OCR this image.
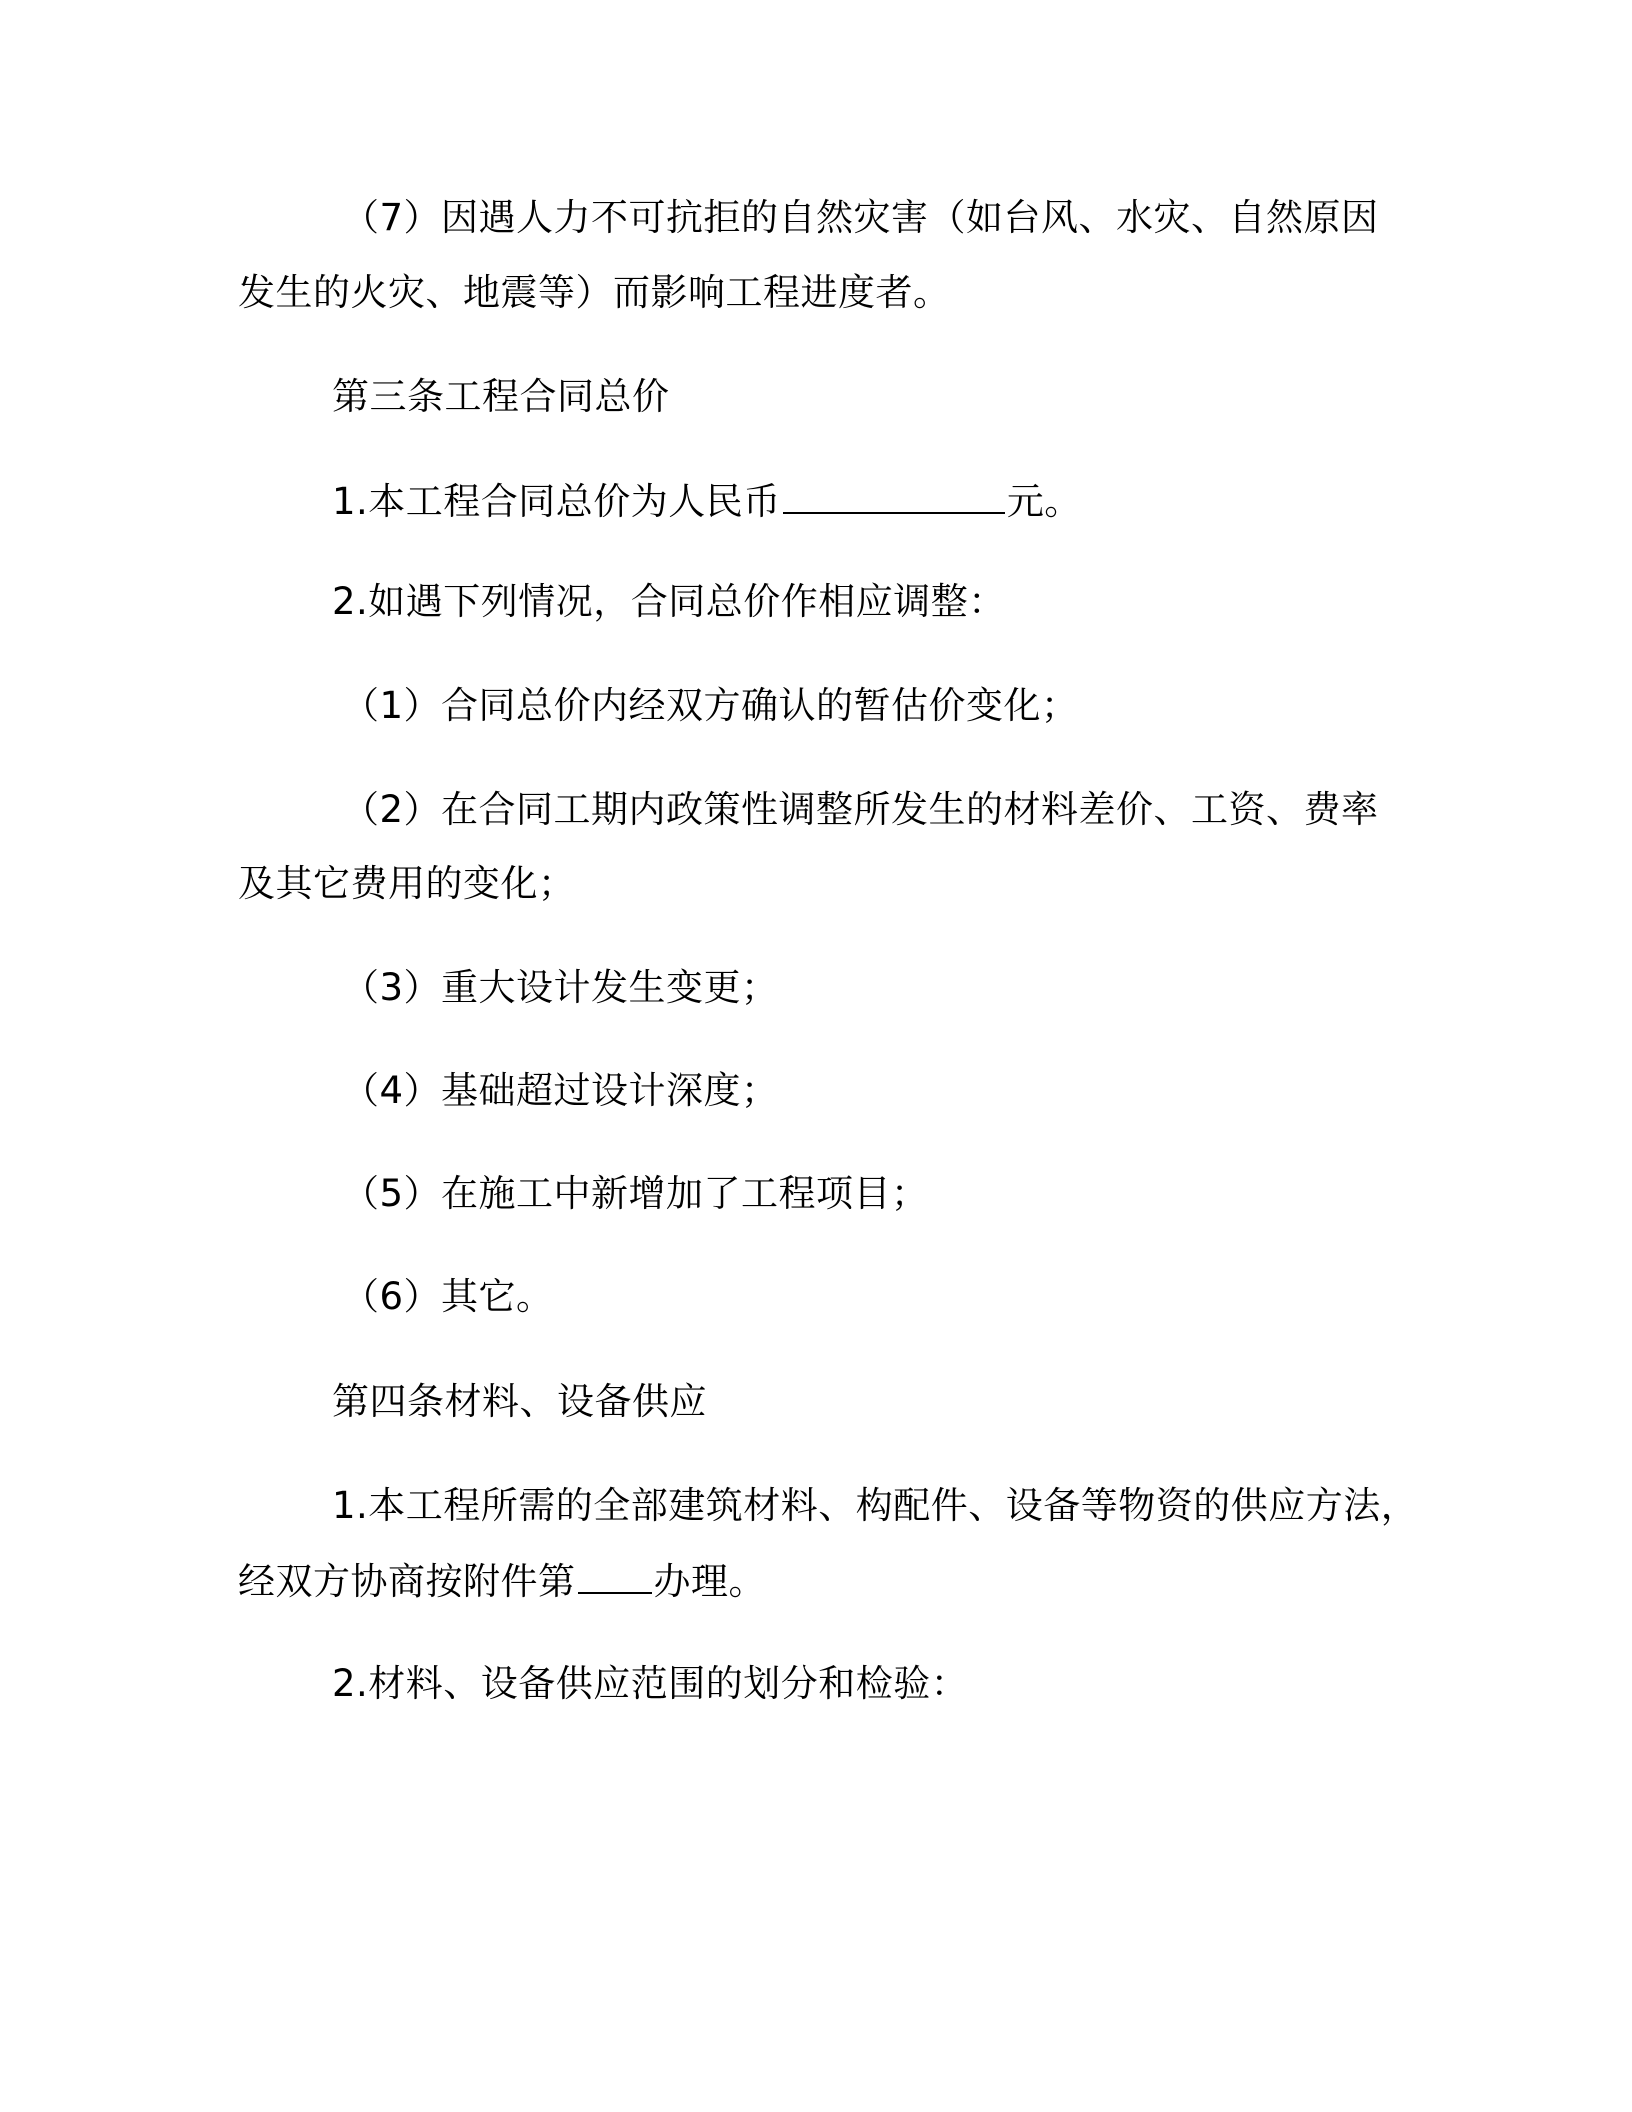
（7）因遇人力不可抗拒的自然灾害（如台风、水灾、自然原因
发生的火灾、地震等）而影响工程进度者。
第三条工程合同总价
1.本工程合同总价为人民币	元。
2.如遇下列情况，合同总价作相应调整：
（1）合同总价内经双方确认的暂估价变化；
（2）在合同工期内政策性调整所发生的材料差价、工资、费率
及其它费用的变化；
（3）重大设计发生变更；
（4）基础超过设计深度；
（5）在施工中新增加了工程项目；
（6）其它。
第四条材料、设备供应
1.本工程所需的全部建筑材料、构配件、设备等物资的供应方法，
经双方协商按附件第 办理。
2.材料、设备供应范围的划分和检验：
